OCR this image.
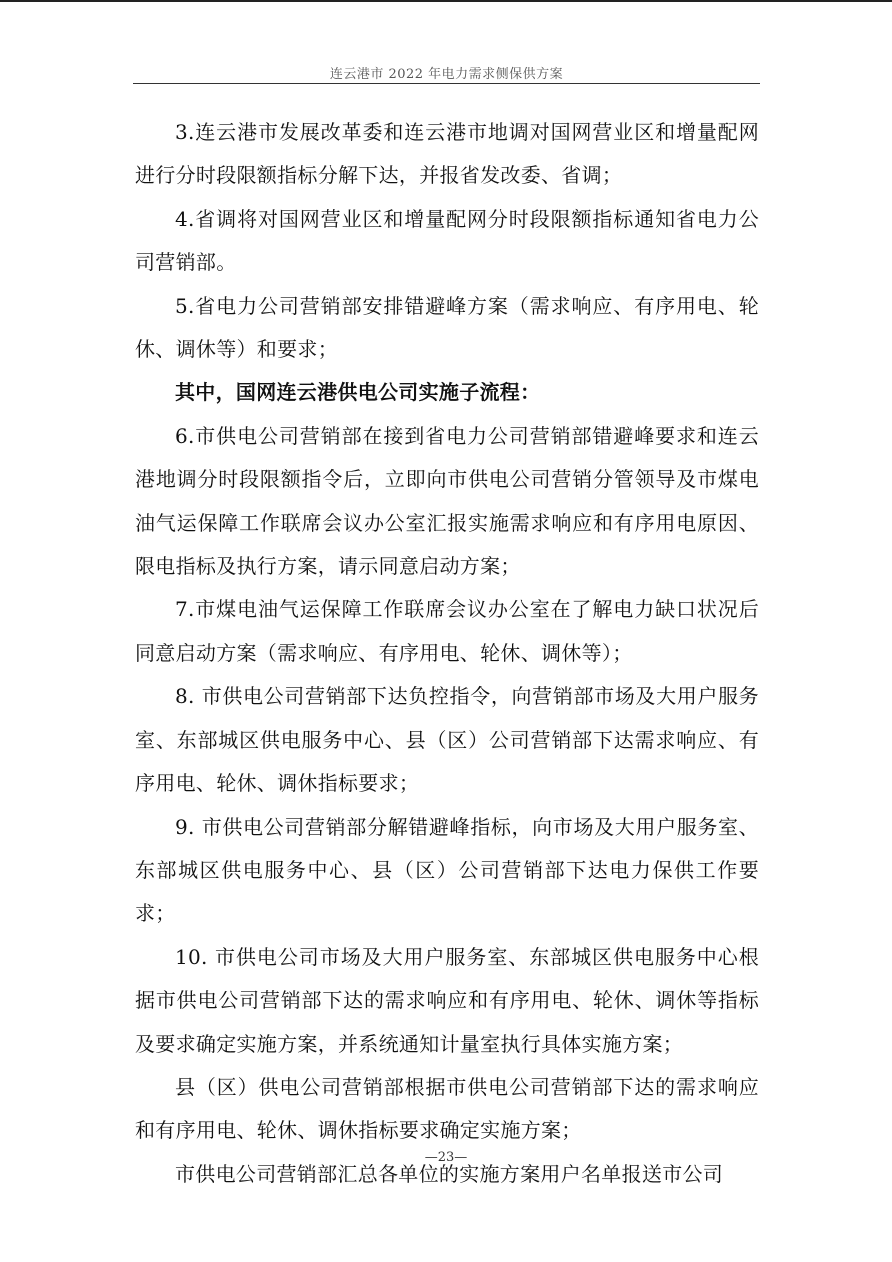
连云港市 2022 年电力需求侧保供方案

3.连云港市发展改革委和连云港市地调对国网营业区和增量配网进行分时段限额指标分解下达，并报省发改委、省调；

4.省调将对国网营业区和增量配网分时段限额指标通知省电力公司营销部。

5.省电力公司营销部安排错避峰方案（需求响应、有序用电、轮休、调休等）和要求；

其中，国网连云港供电公司实施子流程：

6.市供电公司营销部在接到省电力公司营销部错避峰要求和连云港地调分时段限额指令后，立即向市供电公司营销分管领导及市煤电油气运保障工作联席会议办公室汇报实施需求响应和有序用电原因、限电指标及执行方案，请示同意启动方案；

7.市煤电油气运保障工作联席会议办公室在了解电力缺口状况后同意启动方案（需求响应、有序用电、轮休、调休等）；

8. 市供电公司营销部下达负控指令，向营销部市场及大用户服务室、东部城区供电服务中心、县（区）公司营销部下达需求响应、有序用电、轮休、调休指标要求；

9. 市供电公司营销部分解错避峰指标，向市场及大用户服务室、东部城区供电服务中心、县（区）公司营销部下达电力保供工作要求；

10. 市供电公司市场及大用户服务室、东部城区供电服务中心根据市供电公司营销部下达的需求响应和有序用电、轮休、调休等指标及要求确定实施方案，并系统通知计量室执行具体实施方案；

县（区）供电公司营销部根据市供电公司营销部下达的需求响应和有序用电、轮休、调休指标要求确定实施方案；

市供电公司营销部汇总各单位的实施方案用户名单报送市公司

—23—
